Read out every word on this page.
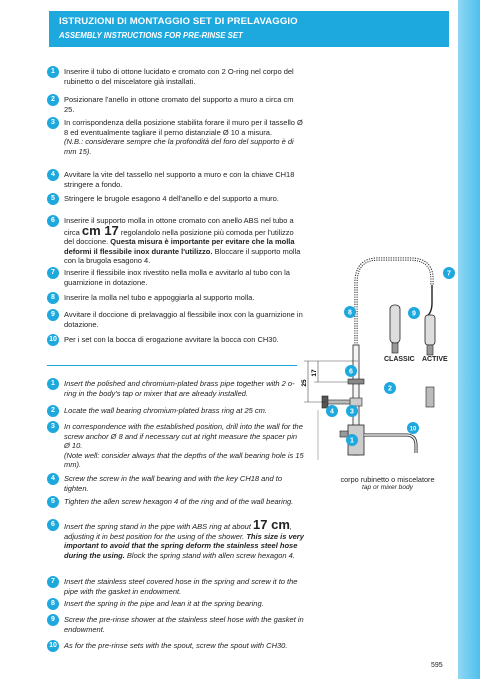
ISTRUZIONI DI MONTAGGIO SET DI PRELAVAGGIO
ASSEMBLY INSTRUCTIONS FOR PRE-RINSE SET
1	Inserire il tubo di ottone lucidato e cromato con 2 O-ring nel corpo del rubinetto o del miscelatore già installati.
2	Posizionare l'anello in ottone cromato del supporto a muro a circa cm 25.
3	In corrispondenza della posizione stabilita forare il muro per il tassello Ø 8 ed eventualmente tagliare il perno distanziale Ø 10 a misura.
(N.B.: considerare sempre che la profondità del foro del supporto è di mm 15).
4	Avvitare la vite del tassello nel supporto a muro e con la chiave CH18 stringere a fondo.
5	Stringere le brugole esagono 4 dell'anello e del supporto a muro.
6	Inserire il supporto molla in ottone cromato con anello ABS nel tubo a circa cm 17 regolandolo nella posizione più comoda per l'utilizzo del doccione. Questa misura è importante per evitare che la molla deformi il flessibile inox durante l'utilizzo. Bloccare il supporto molla con la brugola esagono 4.
7	Inserire il flessibile inox rivestito nella molla e avvitarlo al tubo con la guarnizione in dotazione.
8	Inserire la molla nel tubo e appoggiarla al supporto molla.
9	Avvitare il doccione di prelavaggio al flessibile inox con la guarnizione in dotazione.
10 Per i set con la bocca di erogazione avvitare la bocca con CH30.
1	Insert the polished and chromium-plated brass pipe together with 2 o-ring in the body's tap or mixer that are already installed.
2	Locate the wall bearing chromium-plated brass ring at 25 cm.
3	In correspondence with the established position, drill into the wall for the screw anchor Ø 8 and if necessary cut at right measure the spacer pin Ø 10.
(Note well: consider always that the depths of the wall bearing hole is 15 mm).
4	Screw the screw in the wall bearing and with the key CH18 and to tighten.
5	Tighten the allen screw hexagon 4 of the ring and of the wall bearing.
6	Insert the spring stand in the pipe with ABS ring at about 17 cm, adjusting it in best position for the using of the shower. This size is very important to avoid that the spring deform the stainless steel hose during the using. Block the spring stand with allen screw hexagon 4.
7	Insert the stainless steel covered hose in the spring and screw it to the pipe with the gasket in endowment.
8	Insert the spring in the pipe and lean it at the spring bearing.
9	Screw the pre-rinse shower at the stainless steel hose with the gasket in endowment.
10 As for the pre-rinse sets with the spout, screw the spout with CH30.
25
17
8	9
7
6
2
4 3
10
1
CLASSIC ACTIVE
corpo rubinetto o miscelatore
tap or mixer body
595
